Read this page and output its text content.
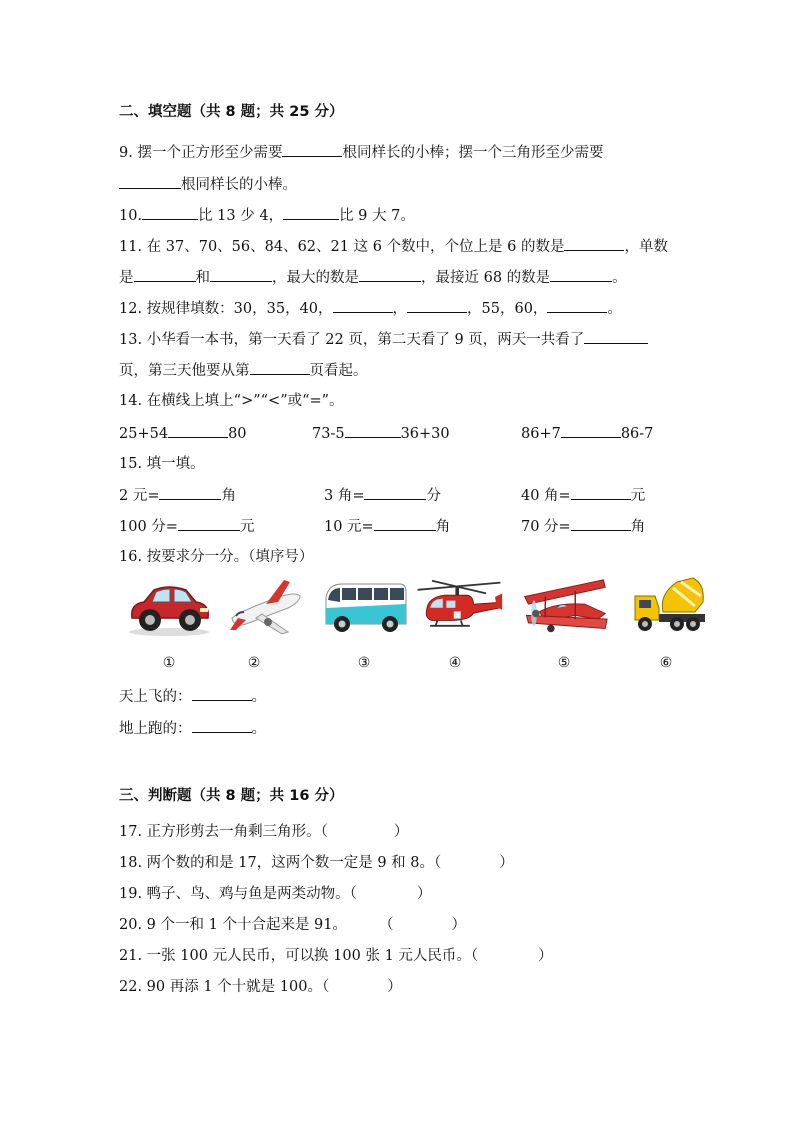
二、填空题（共 8 题；共 25 分）
9. 摆一个正方形至少需要	根同样长的小棒；摆一个三角形至少需要
根同样长的小棒。
10.	比 13 少 4，	比 9 大 7。
11. 在 37、70、56、84、62、21 这 6 个数中，个位上是 6 的数是	，单数
是	和	，最大的数是	，最接近 68 的数是	。
12. 按规律填数：30，35，40，	，	，55，60，	。
13. 小华看一本书，第一天看了 22 页，第二天看了 9 页，两天一共看了
页，第三天他要从第	页看起。
14. 在横线上填上“>”“<”或“=”。
25+54	80	73-5	36+30	86+7	86-7
15. 填一填。
2 元=	角	3 角=	分	40 角=	元
100 分=	元	10 元=	角	70 分=	角
16. 按要求分一分。（填序号）
①	②	③	④	⑤	⑥
天上飞的：	。
地上跑的：	。
三、判断题（共 8 题；共 16 分）
17. 正方形剪去一角剩三角形。（	）
18. 两个数的和是 17，这两个数一定是 9 和 8。（	）
19. 鸭子、鸟、鸡与鱼是两类动物。（	）
20. 9 个一和 1 个十合起来是 91。 （	）
21. 一张 100 元人民币，可以换 100 张 1 元人民币。（	）
22. 90 再添 1 个十就是 100。（	）
